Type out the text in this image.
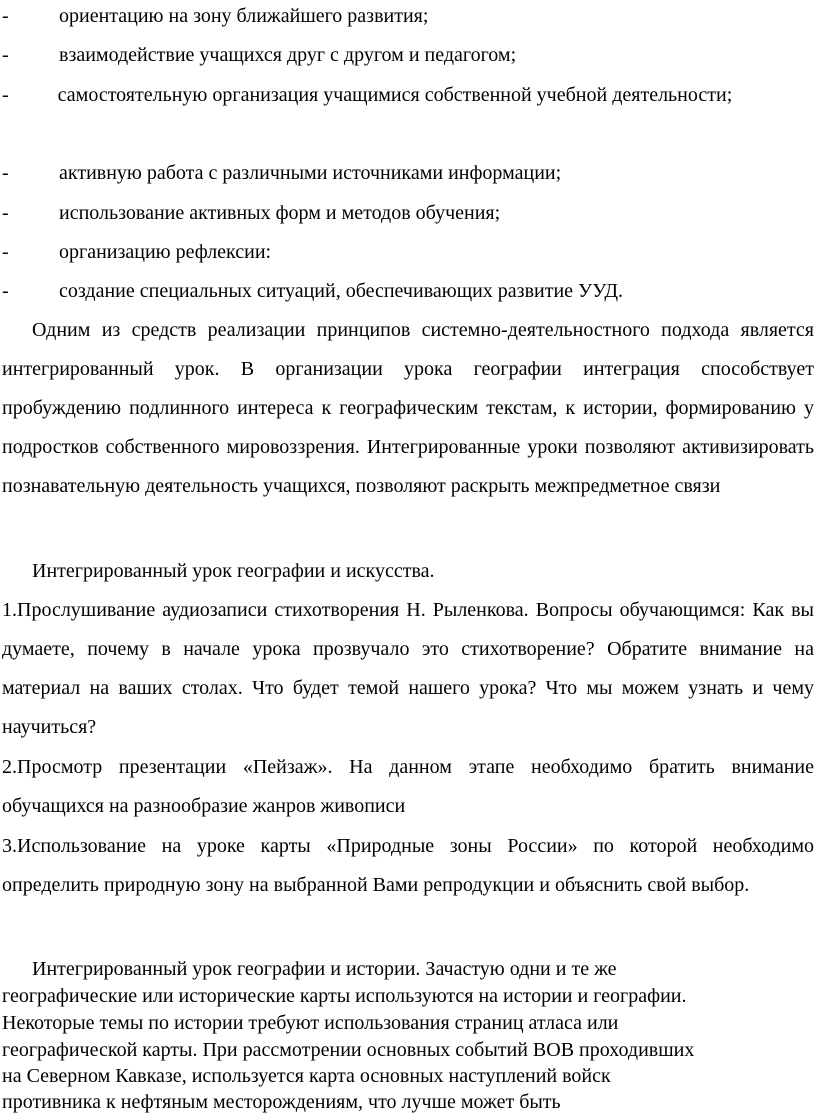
-	ориентацию на зону ближайшего развития;
-	взаимодействие учащихся друг с другом и педагогом;
- самостоятельную организация учащимися собственной учебной деятельности;
-	активную работа с различными источниками информации;
-	использование активных форм и методов обучения;
-	организацию рефлексии:
-	создание специальных ситуаций, обеспечивающих развитие УУД.

Одним из средств реализации принципов системно-деятельностного подхода является интегрированный урок. В организации урока географии интеграция способствует пробуждению подлинного интереса к географическим текстам, к истории, формированию у подростков собственного мировоззрения. Интегрированные уроки позволяют активизировать познавательную деятельность учащихся, позволяют раскрыть межпредметное связи

Интегрированный урок географии и искусства.

1.Прослушивание аудиозаписи стихотворения Н. Рыленкова. Вопросы обучающимся: Как вы думаете, почему в начале урока прозвучало это стихотворение? Обратите внимание на материал на ваших столах. Что будет темой нашего урока? Что мы можем узнать и чему научиться?

2.Просмотр презентации «Пейзаж». На данном этапе необходимо братить внимание обучащихся на разнообразие жанров живописи

3.Использование на уроке карты «Природные зоны России» по которой необходимо определить природную зону на выбранной Вами репродукции и объяснить свой выбор.

Интегрированный урок географии и истории. Зачастую одни и те же
географические или исторические карты используются на истории и географии.
Некоторые темы по истории требуют использования страниц атласа или
географической карты. При рассмотрении основных событий ВОВ проходивших
на Северном Кавказе, используется карта основных наступлений войск
противника к нефтяным месторождениям, что лучше может быть
